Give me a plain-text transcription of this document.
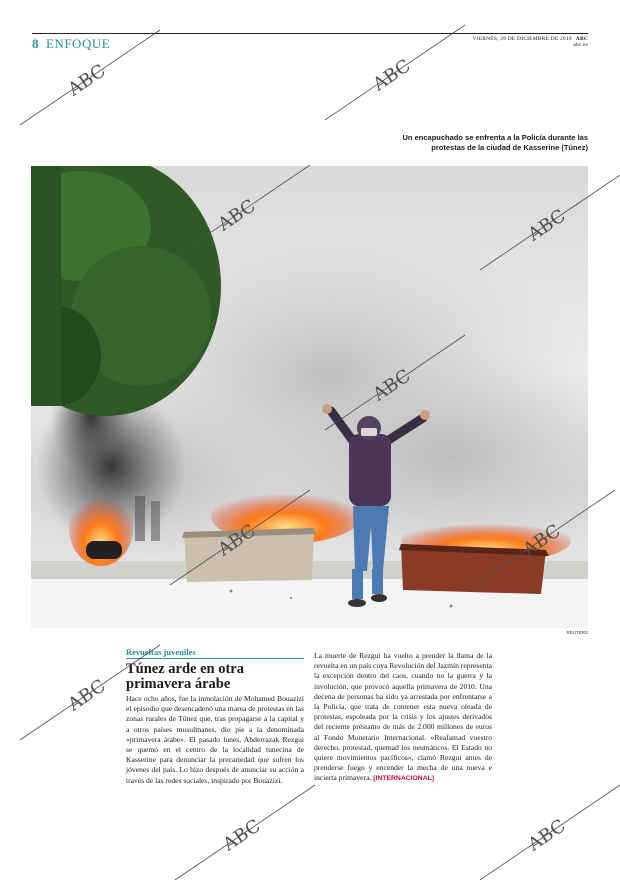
8 ENFOQUE	VIERNES, 28 DE DICIEMBRE DE 2018 ABC
abc.es
Un encapuchado se enfrenta a la Policía durante las protestas de la ciudad de Kasserine (Túnez)
REUTERS
Revueltas juveniles
Túnez arde en otra primavera árabe
Hace ocho años, fue la inmolación de Mohamed Bouazizi el episodio que desencadenó una marea de protestas en las zonas rurales de Túnez que, tras propagarse a la capital y a otros países musulmanes, dio pie a la denominada «primavera árabe». El pasado lunes, Abderrazak Rezgui se quemó en el centro de la localidad tunecina de Kasserine para denunciar la precariedad que sufren los jóvenes del país. Lo hizo después de anunciar su acción a través de las redes sociales, inspirado por Bouazizi.
La muerte de Rezgui ha vuelto a prender la llama de la revuelta en un país cuya Revolución del Jazmín representa la excepción dentro del caos, cuando no la guerra y la involución, que provocó aquella primavera de 2010. Una decena de personas ha sido ya arrestada por enfrentarse a la Policía, que trata de contener esta nueva oleada de protestas, espoleada por la crisis y los ajustes derivados del reciente préstamo de más de 2.000 millones de euros al Fondo Monetario Internacional. «Reafamad vuestro derecho, protestad, quemad los neumáticos. El Estado no quiere movimientos pacíficos», clamó Rezgui antes de prenderse fuego y encender la mecha de una nueva e incierta primavera. [INTERNACIONAL]
ABC	ABC
ABC	ABC
ABC
ABC	ABC
ABC
ABC	ABC
